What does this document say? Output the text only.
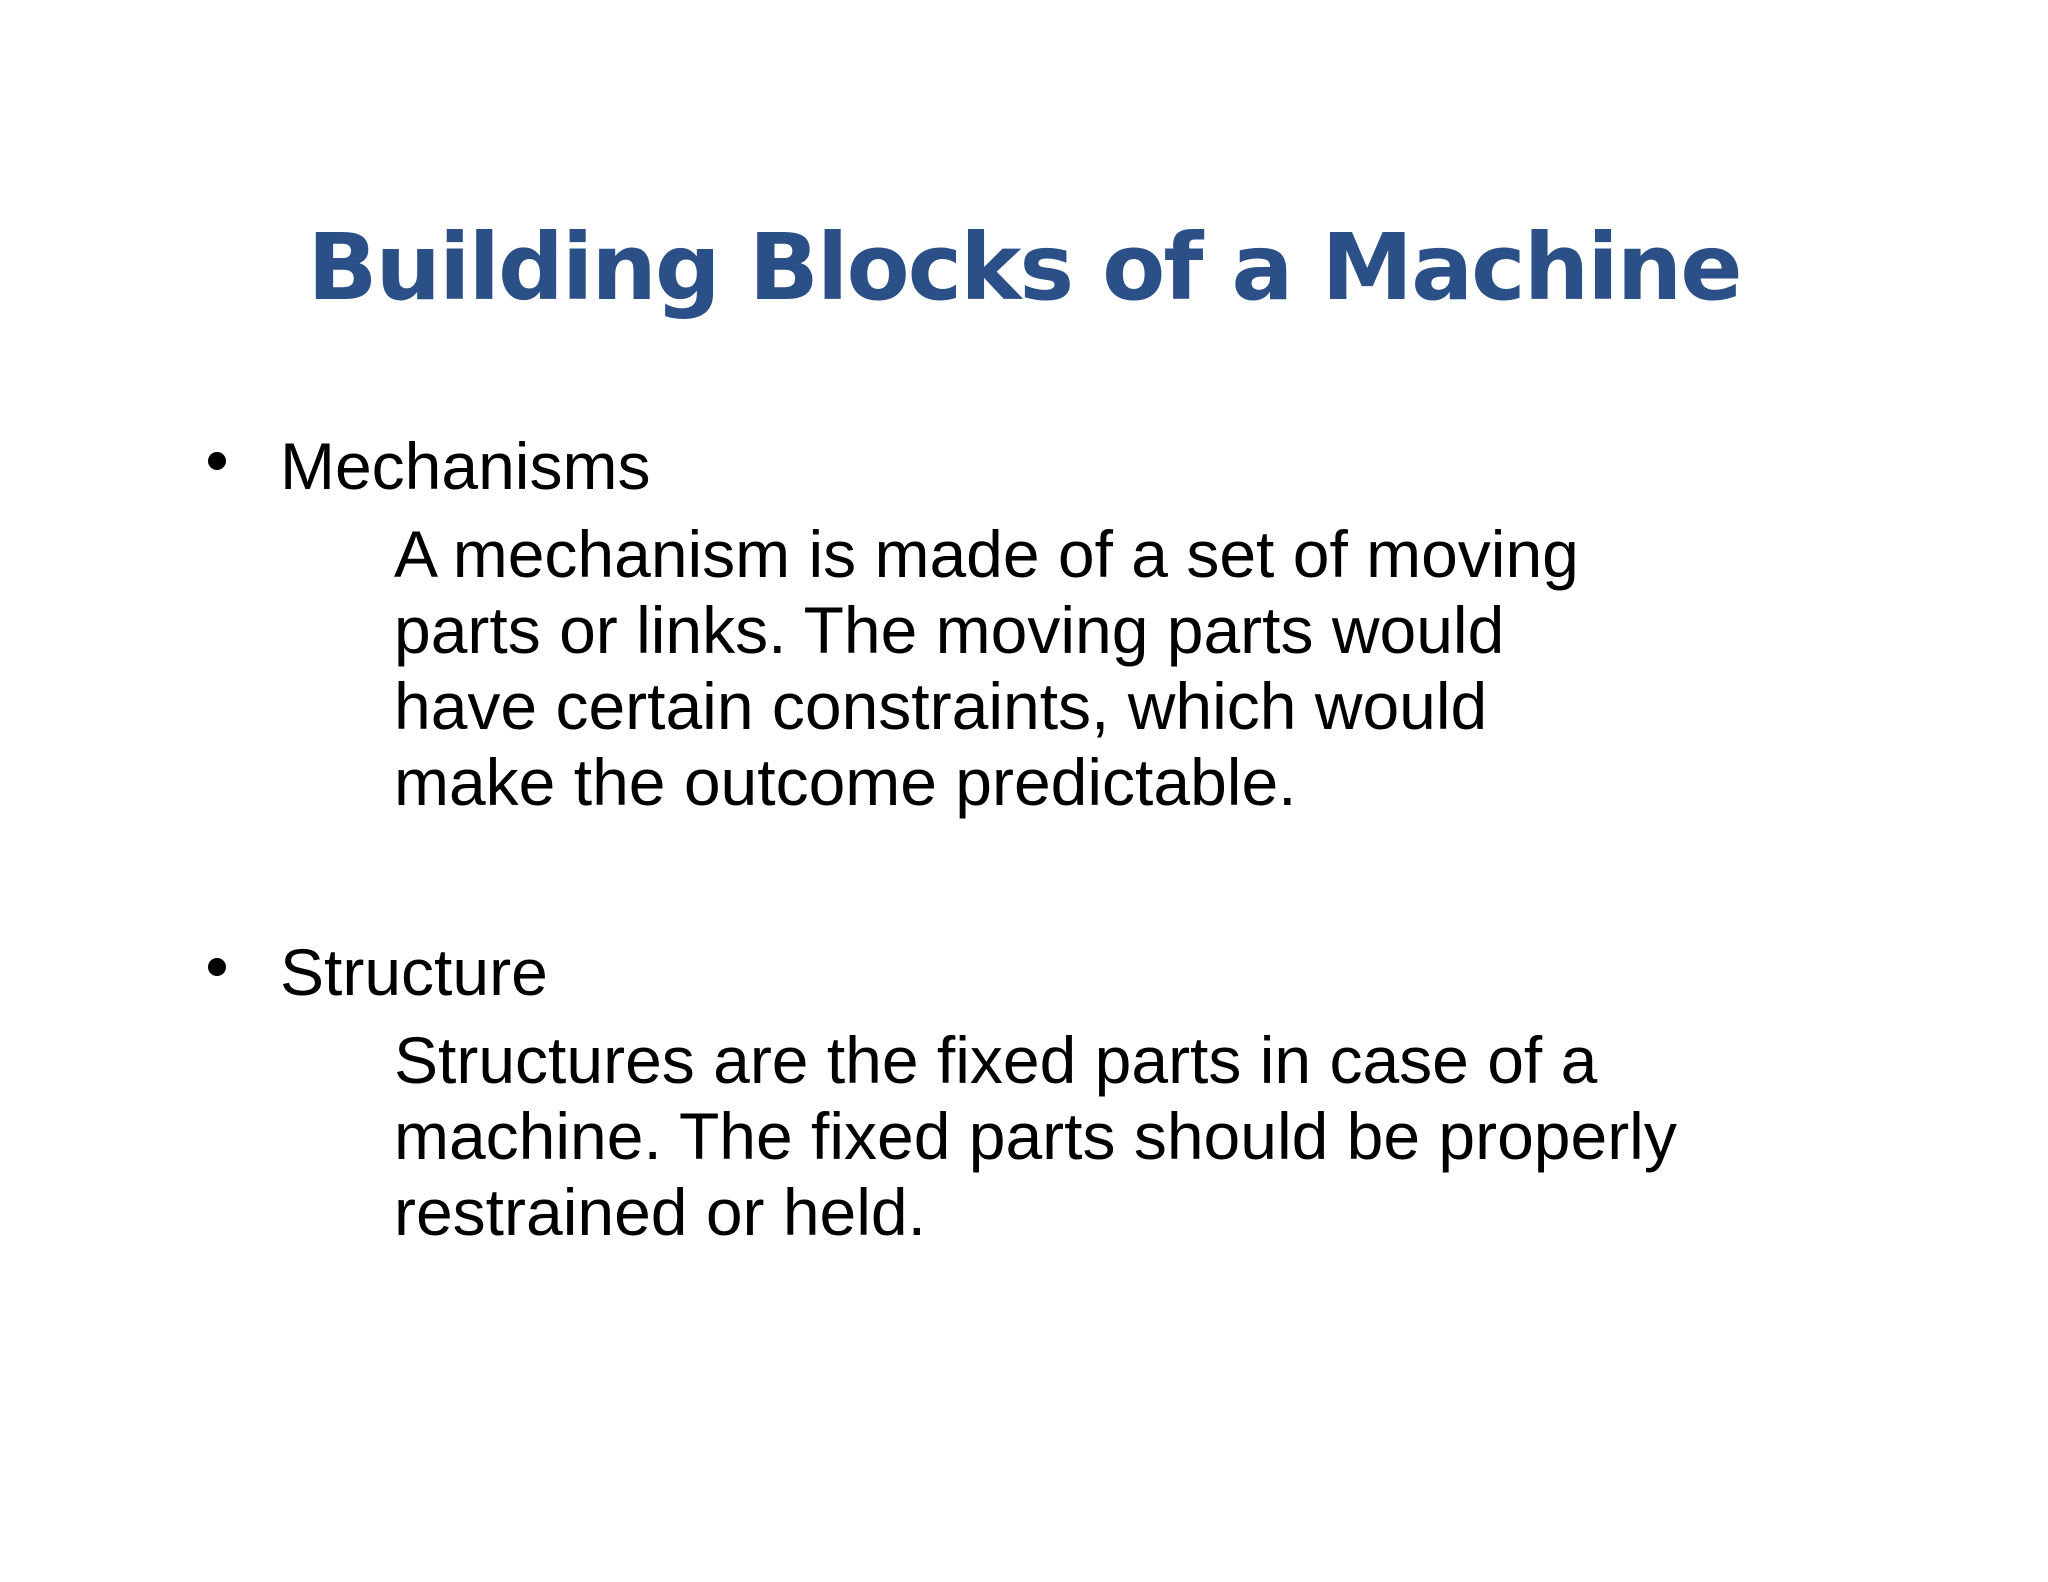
Building Blocks of a Machine
Mechanisms
A mechanism is made of a set of moving
parts or links. The moving parts would
have certain constraints, which would
make the outcome predictable.
Structure
Structures are the fixed parts in case of a
machine. The fixed parts should be properly
restrained or held.
